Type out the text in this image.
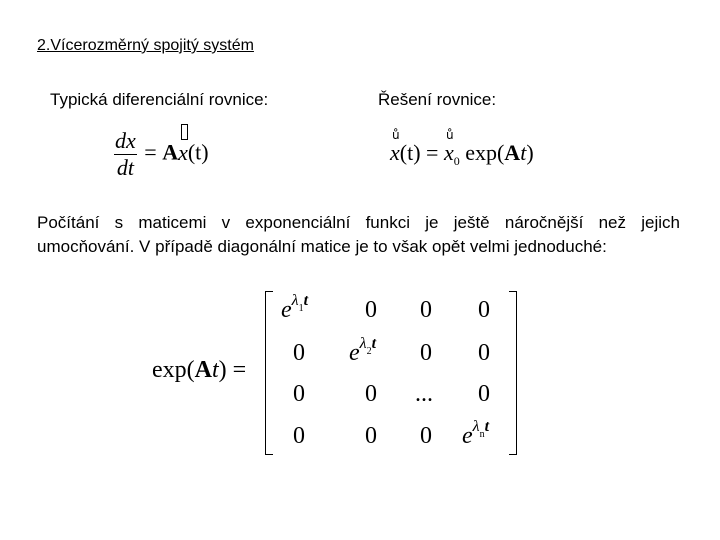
2.Vícerozměrný spojitý systém
Typická diferenciální rovnice:	Řešení rovnice:
$\frac{dx}{dt} = A$
x(t)
ů	x(t) = ů $x_0$ exp(At)
Počítání s maticemi v exponenciální funkci je ještě náročnější než jejich
umocňování. V případě diagonální matice je to však opět velmi jednoduché:
exp(At) =
$e^{\lambda 1t}$ 0 0 0
0 $e^{\lambda 2t}$ 0 0
0	0 ... 0
0	0 0 $e^{\lambda nt}$
